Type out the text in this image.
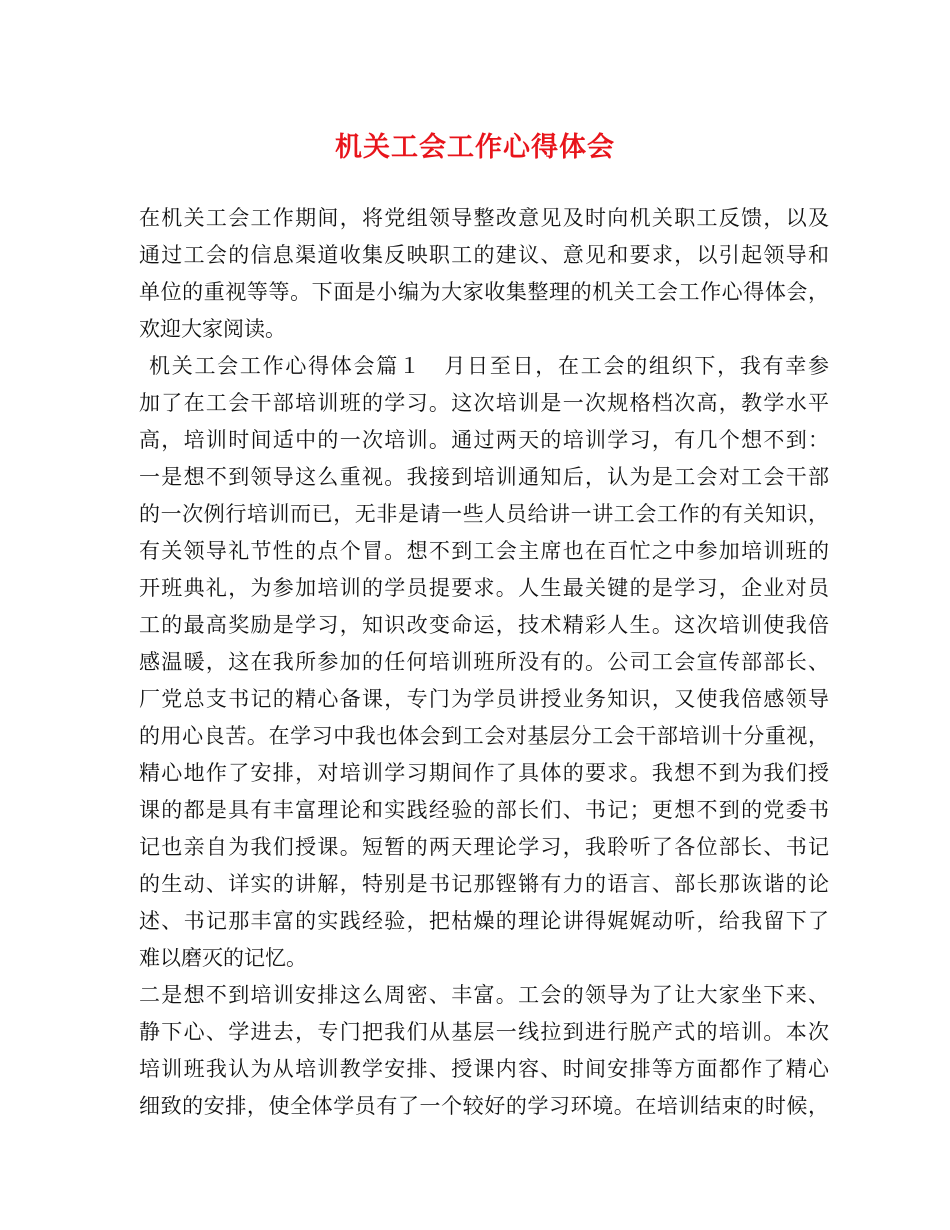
机关工会工作心得体会
在机关工会工作期间，将党组领导整改意见及时向机关职工反馈，以及
通过工会的信息渠道收集反映职工的建议、意见和要求，以引起领导和
单位的重视等等。下面是小编为大家收集整理的机关工会工作心得体会，
欢迎大家阅读。
机关工会工作心得体会篇１　月日至日，在工会的组织下，我有幸参
加了在工会干部培训班的学习。这次培训是一次规格档次高，教学水平
高，培训时间适中的一次培训。通过两天的培训学习，有几个想不到：
一是想不到领导这么重视。我接到培训通知后，认为是工会对工会干部
的一次例行培训而已，无非是请一些人员给讲一讲工会工作的有关知识，
有关领导礼节性的点个冒。想不到工会主席也在百忙之中参加培训班的
开班典礼，为参加培训的学员提要求。人生最关键的是学习，企业对员
工的最高奖励是学习，知识改变命运，技术精彩人生。这次培训使我倍
感温暖，这在我所参加的任何培训班所没有的。公司工会宣传部部长、
厂党总支书记的精心备课，专门为学员讲授业务知识，又使我倍感领导
的用心良苦。在学习中我也体会到工会对基层分工会干部培训十分重视，
精心地作了安排，对培训学习期间作了具体的要求。我想不到为我们授
课的都是具有丰富理论和实践经验的部长们、书记；更想不到的党委书
记也亲自为我们授课。短暂的两天理论学习，我聆听了各位部长、书记
的生动、详实的讲解，特别是书记那铿锵有力的语言、部长那诙谐的论
述、书记那丰富的实践经验，把枯燥的理论讲得娓娓动听，给我留下了
难以磨灭的记忆。
二是想不到培训安排这么周密、丰富。工会的领导为了让大家坐下来、
静下心、学进去，专门把我们从基层一线拉到进行脱产式的培训。本次
培训班我认为从培训教学安排、授课内容、时间安排等方面都作了精心
细致的安排，使全体学员有了一个较好的学习环境。在培训结束的时候，
